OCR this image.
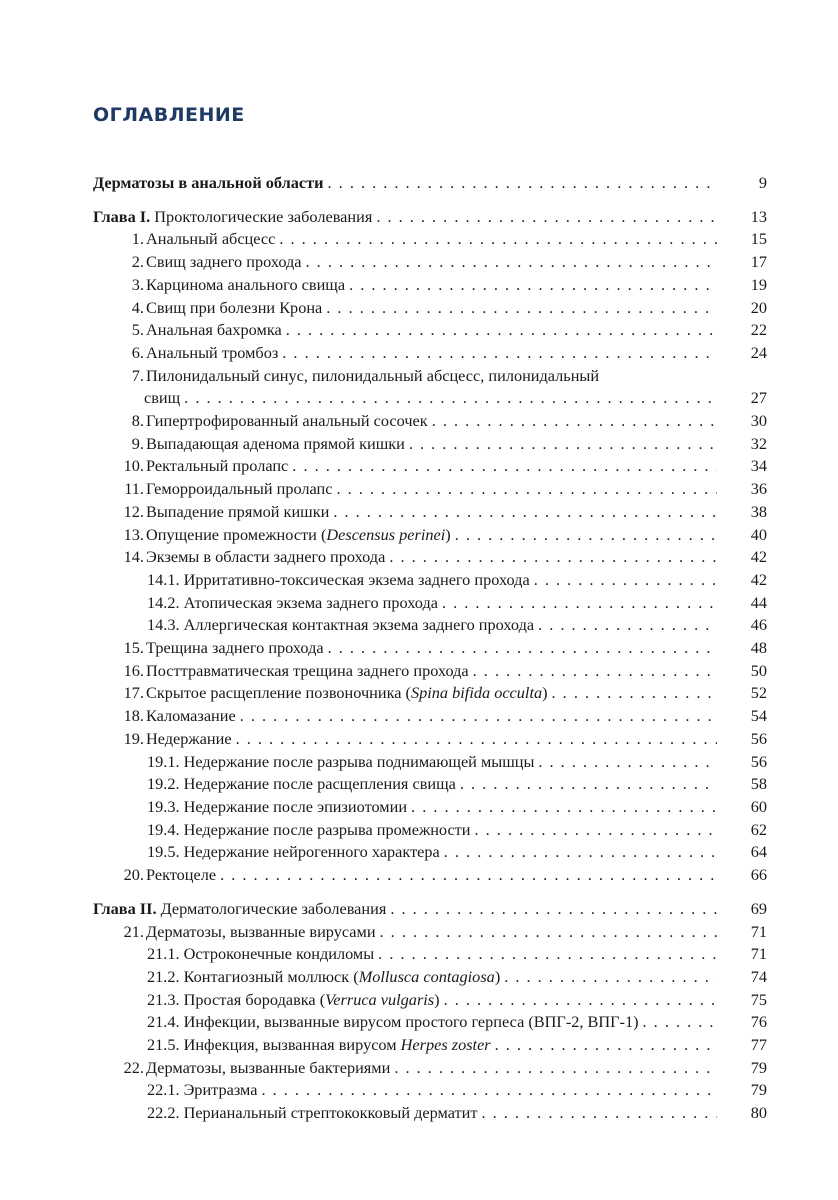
ОГЛАВЛЕНИЕ
Дерматозы в анальной области . . .	9
Глава I. Проктологические заболевания . . .	13
1. Анальный абсцесс . . .	15
2. Свищ заднего прохода . . .	17
3. Карцинома анального свища . . .	19
4. Свищ при болезни Крона . . .	20
5. Анальная бахромка . . .	22
6. Анальный тромбоз . . .	24
7. Пилонидальный синус, пилонидальный абсцесс, пилонидальный
свищ . . .	27
8. Гипертрофированный анальный сосочек . . .	30
9. Выпадающая аденома прямой кишки . . .	32
10. Ректальный пролапс . . .	34
11. Геморроидальный пролапс . . .	36
12. Выпадение прямой кишки . . .	38
13. Опущение промежности (Descensus perinei) . . .	40
14. Экземы в области заднего прохода . . .	42
14.1. Ирритативно-токсическая экзема заднего прохода . . .	42
14.2. Атопическая экзема заднего прохода . . .	44
14.3. Аллергическая контактная экзема заднего прохода . . .	46
15. Трещина заднего прохода . . .	48
16. Посттравматическая трещина заднего прохода . . .	50
17. Скрытое расщепление позвоночника (Spina bifida occulta) . . .	52
18. Каломазание . . .	54
19. Недержание . . .	56
19.1. Недержание после разрыва поднимающей мышцы . . .	56
19.2. Недержание после расщепления свища . . .	58
19.3. Недержание после эпизиотомии . . .	60
19.4. Недержание после разрыва промежности . . .	62
19.5. Недержание нейрогенного характера . . .	64
20. Ректоцеле . . .	66
Глава II. Дерматологические заболевания . . .	69
21. Дерматозы, вызванные вирусами . . .	71
21.1. Остроконечные кондиломы . . .	71
21.2. Контагиозный моллюск (Mollusca contagiosa) . . .	74
21.3. Простая бородавка (Verruca vulgaris) . . .	75
21.4. Инфекции, вызванные вирусом простого герпеса (ВПГ-2, ВПГ-1) . . .	76
21.5. Инфекция, вызванная вирусом Herpes zoster . . .	77
22. Дерматозы, вызванные бактериями . . .	79
22.1. Эритразма . . .	79
22.2. Перианальный стрептококковый дерматит . . .	80
